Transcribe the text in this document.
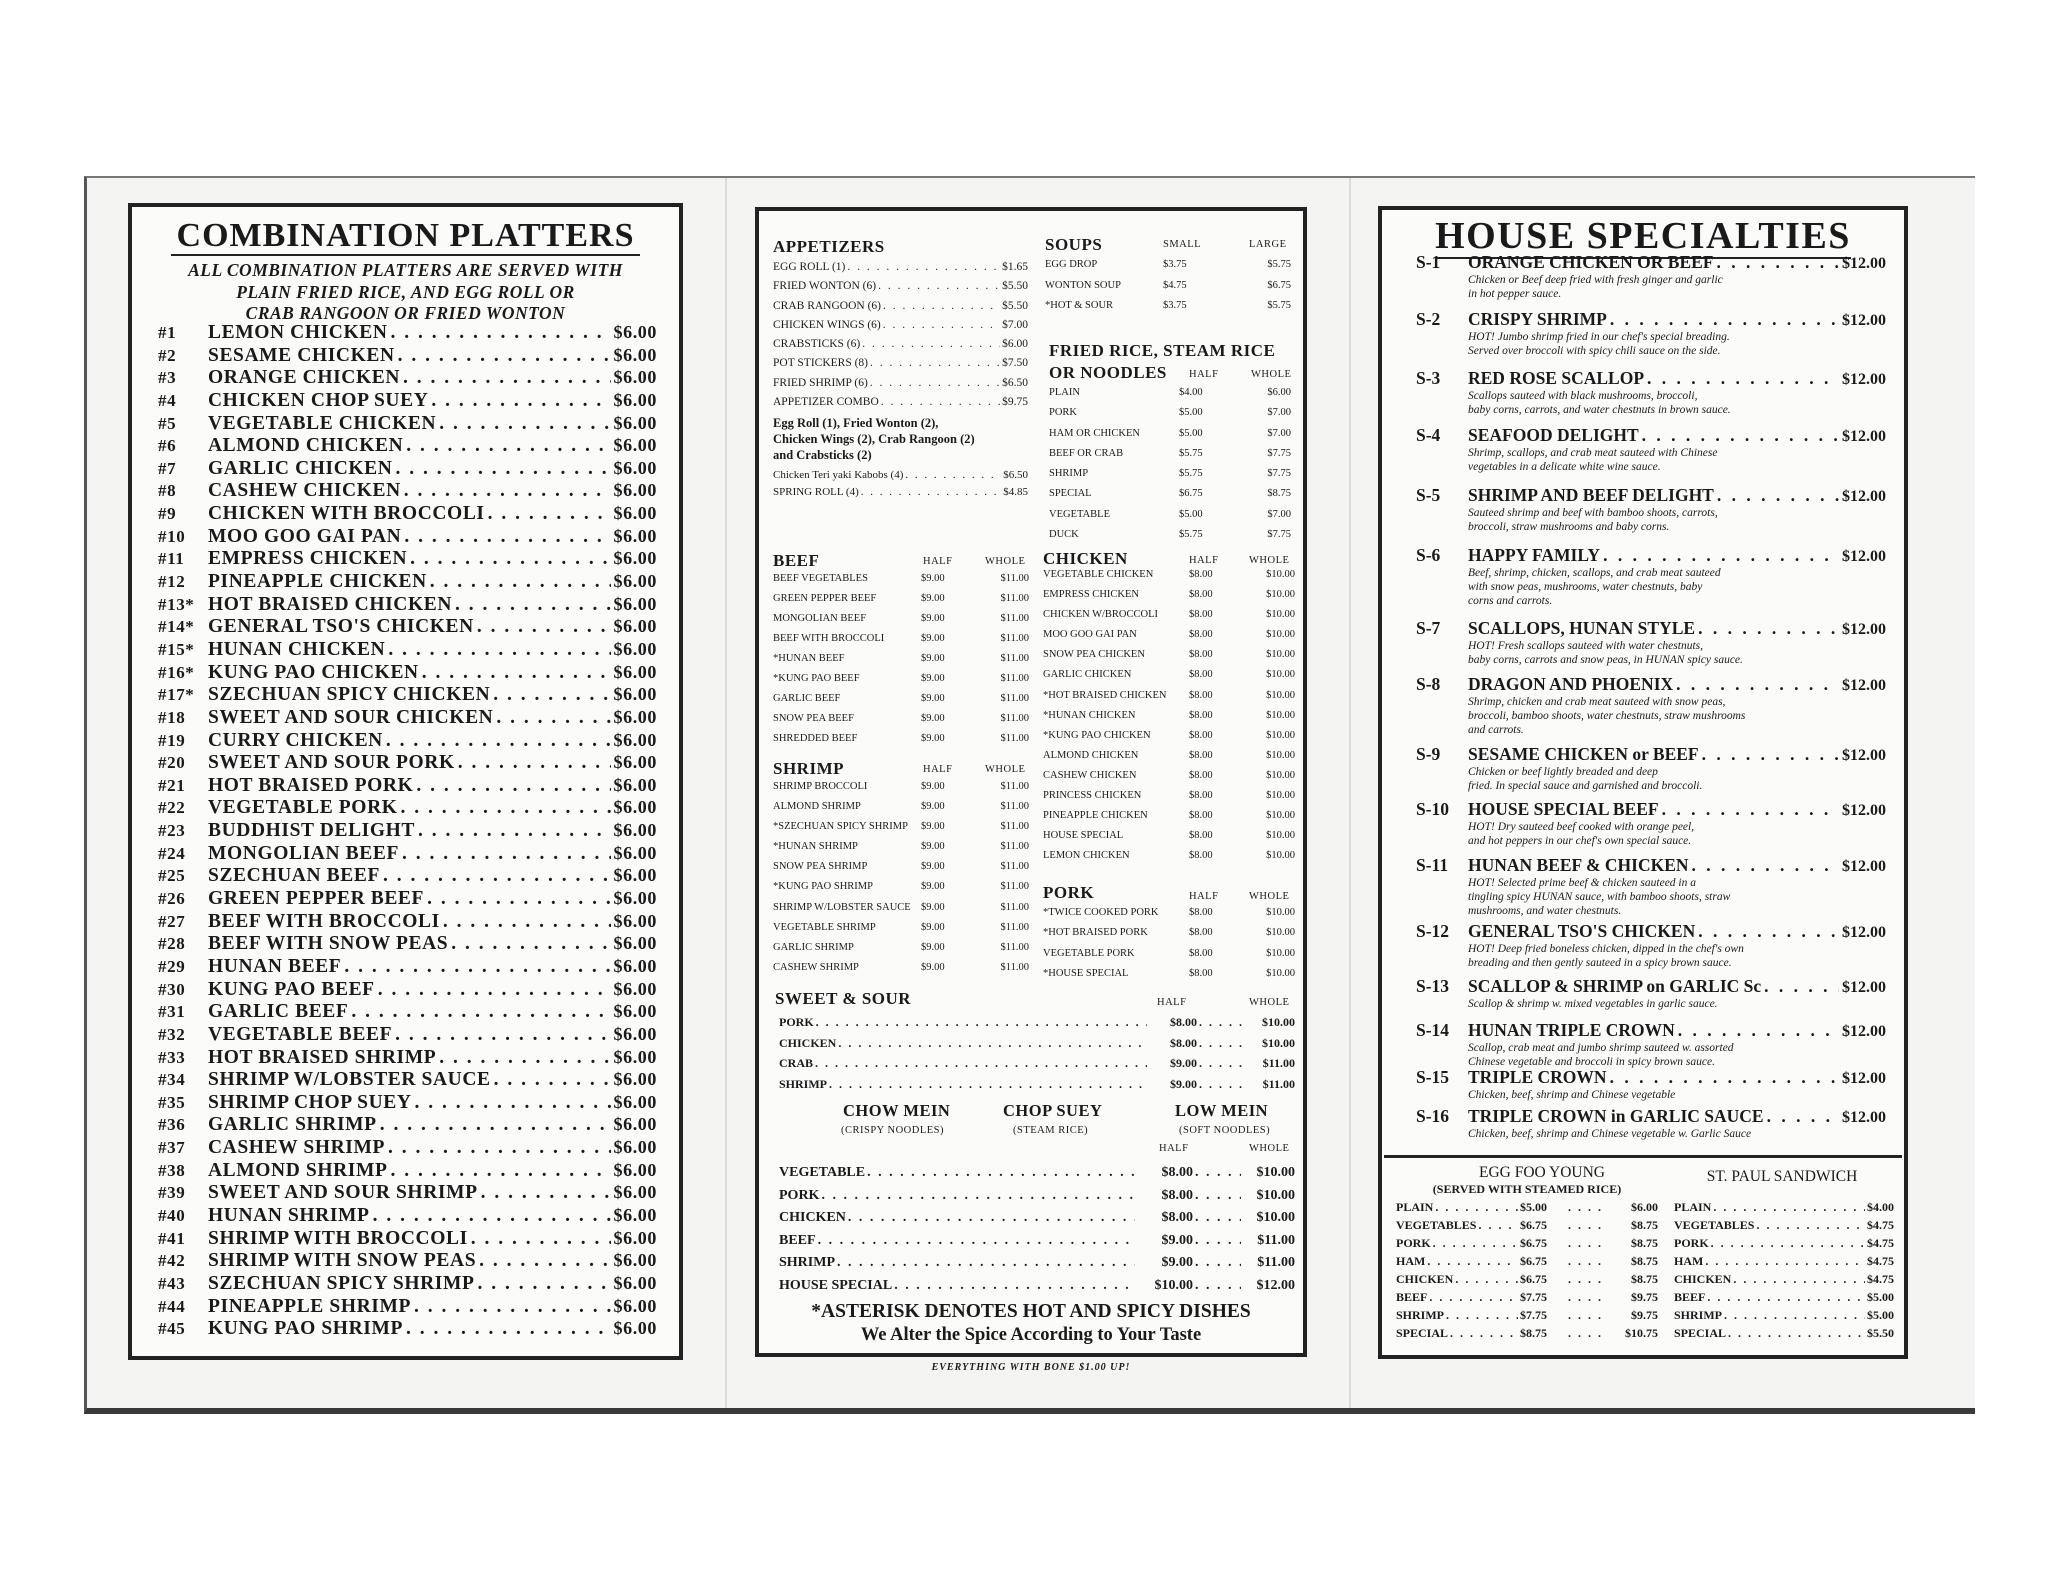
COMBINATION PLATTERS
ALL COMBINATION PLATTERS ARE SERVED WITH
PLAIN FRIED RICE, AND EGG ROLL OR
CRAB RANGOON OR FRIED WONTON
#1	LEMON CHICKEN . . .	$6.00
#2	SESAME CHICKEN . . .	$6.00
#3	ORANGE CHICKEN . . .	$6.00
#4	CHICKEN CHOP SUEY . . .	$6.00
#5	VEGETABLE CHICKEN . . .	$6.00
#6	ALMOND CHICKEN . . .	$6.00
#7	GARLIC CHICKEN . . .	$6.00
#8	CASHEW CHICKEN . . .	$6.00
#9	CHICKEN WITH BROCCOLI . . .	$6.00
#10	MOO GOO GAI PAN . . .	$6.00
#11	EMPRESS CHICKEN . . .	$6.00
#12	PINEAPPLE CHICKEN . . .	$6.00
#13* HOT BRAISED CHICKEN . . .	$6.00
#14* GENERAL TSO'S CHICKEN . . .	$6.00
#15* HUNAN CHICKEN . . .	$6.00
#16* KUNG PAO CHICKEN . . .	$6.00
#17* SZECHUAN SPICY CHICKEN . . .	$6.00
#18	SWEET AND SOUR CHICKEN . . .	$6.00
#19	CURRY CHICKEN . . .	$6.00
#20	SWEET AND SOUR PORK . . .	$6.00
#21	HOT BRAISED PORK . . .	$6.00
#22	VEGETABLE PORK . . .	$6.00
#23	BUDDHIST DELIGHT . . .	$6.00
#24	MONGOLIAN BEEF . . .	$6.00
#25	SZECHUAN BEEF . . .	$6.00
#26	GREEN PEPPER BEEF . . .	$6.00
#27	BEEF WITH BROCCOLI . . .	$6.00
#28	BEEF WITH SNOW PEAS . . .	$6.00
#29	HUNAN BEEF . . .	$6.00
#30	KUNG PAO BEEF . . .	$6.00
#31	GARLIC BEEF . . .	$6.00
#32	VEGETABLE BEEF . . .	$6.00
#33	HOT BRAISED SHRIMP . . .	$6.00
#34	SHRIMP W/LOBSTER SAUCE . . .	$6.00
#35	SHRIMP CHOP SUEY . . .	$6.00
#36	GARLIC SHRIMP . . .	$6.00
#37	CASHEW SHRIMP . . .	$6.00
#38	ALMOND SHRIMP . . .	$6.00
#39	SWEET AND SOUR SHRIMP . . .	$6.00
#40	HUNAN SHRIMP . . .	$6.00
#41	SHRIMP WITH BROCCOLI . . .	$6.00
#42	SHRIMP WITH SNOW PEAS . . .	$6.00
#43	SZECHUAN SPICY SHRIMP . . .	$6.00
#44	PINEAPPLE SHRIMP . . .	$6.00
#45	KUNG PAO SHRIMP . . .	$6.00
APPETIZERS
EGG ROLL (1) . . .	$1.65
FRIED WONTON (6) . . .	$5.50
CRAB RANGOON (6) . . .	$5.50
CHICKEN WINGS (6) . . .	$7.00
CRABSTICKS (6) . . .	$6.00
POT STICKERS (8) . . .	$7.50
FRIED SHRIMP (6) . . .	$6.50
APPETIZER COMBO . . .	$9.75
Egg Roll (1), Fried Wonton (2),
Chicken Wings (2), Crab Rangoon (2)
and Crabsticks (2)
Chicken Teri yaki Kabobs (4) . . .	$6.50
SPRING ROLL (4) . . .	$4.85
SOUPS	SMALL	LARGE
EGG DROP	$3.75	$5.75
WONTON SOUP	$4.75	$6.75
*HOT & SOUR	$3.75	$5.75
FRIED RICE, STEAM RICE
OR NOODLES HALF	WHOLE
PLAIN	$4.00	$6.00
PORK	$5.00	$7.00
HAM OR CHICKEN	$5.00	$7.00
BEEF OR CRAB	$5.75	$7.75
SHRIMP	$5.75	$7.75
SPECIAL	$6.75	$8.75
VEGETABLE	$5.00	$7.00
DUCK	$5.75	$7.75
BEEF	HALF	WHOLE
BEEF VEGETABLES	$9.00	$11.00
GREEN PEPPER BEEF	$9.00	$11.00
MONGOLIAN BEEF	$9.00	$11.00
BEEF WITH BROCCOLI	$9.00	$11.00
*HUNAN BEEF	$9.00	$11.00
*KUNG PAO BEEF	$9.00	$11.00
GARLIC BEEF	$9.00	$11.00
SNOW PEA BEEF	$9.00	$11.00
SHREDDED BEEF	$9.00	$11.00
SHRIMP	HALF	WHOLE
SHRIMP BROCCOLI	$9.00	$11.00
ALMOND SHRIMP	$9.00	$11.00
*SZECHUAN SPICY SHRIMP	$9.00	$11.00
*HUNAN SHRIMP	$9.00	$11.00
SNOW PEA SHRIMP	$9.00	$11.00
*KUNG PAO SHRIMP	$9.00	$11.00
SHRIMP W/LOBSTER SAUCE $9.00	$11.00
VEGETABLE SHRIMP	$9.00	$11.00
GARLIC SHRIMP	$9.00	$11.00
CASHEW SHRIMP	$9.00	$11.00
CHICKEN	HALF	WHOLE
VEGETABLE CHICKEN	$8.00	$10.00
EMPRESS CHICKEN	$8.00	$10.00
CHICKEN W/BROCCOLI	$8.00	$10.00
MOO GOO GAI PAN	$8.00	$10.00
SNOW PEA CHICKEN	$8.00	$10.00
GARLIC CHICKEN	$8.00	$10.00
*HOT BRAISED CHICKEN	$8.00	$10.00
*HUNAN CHICKEN	$8.00	$10.00
*KUNG PAO CHICKEN	$8.00	$10.00
ALMOND CHICKEN	$8.00	$10.00
CASHEW CHICKEN	$8.00	$10.00
PRINCESS CHICKEN	$8.00	$10.00
PINEAPPLE CHICKEN	$8.00	$10.00
HOUSE SPECIAL	$8.00	$10.00
LEMON CHICKEN	$8.00	$10.00
PORK	HALF	WHOLE
*TWICE COOKED PORK	$8.00	$10.00
*HOT BRAISED PORK	$8.00	$10.00
VEGETABLE PORK	$8.00	$10.00
*HOUSE SPECIAL	$8.00	$10.00
SWEET & SOUR	HALF	WHOLE
PORK . . .	$8.00 . . .	$10.00
CHICKEN . . .	$8.00 . . .	$10.00
CRAB . . .	$9.00 . . .	$11.00
SHRIMP . . .	$9.00 . . .	$11.00
CHOW MEIN
(CRISPY NOODLES)
CHOP SUEY
(STEAM RICE)
LOW MEIN
(SOFT NOODLES)
HALF	WHOLE
VEGETABLE . . .	$8.00 . . .	$10.00
PORK . . .	$8.00 . . .	$10.00
CHICKEN . . .	$8.00 . . .	$10.00
BEEF . . .	$9.00 . . .	$11.00
SHRIMP . . .	$9.00 . . .	$11.00
HOUSE SPECIAL . . .	$10.00 . . .	$12.00
*ASTERISK DENOTES HOT AND SPICY DISHES
We Alter the Spice According to Your Taste
EVERYTHING WITH BONE $1.00 UP!
HOUSE SPECIALTIES
S-1	ORANGE CHICKEN OR BEEF . . .	$12.00
Chicken or Beef deep fried with fresh ginger and garlic
in hot pepper sauce.
S-2	CRISPY SHRIMP . . .	$12.00
HOT! Jumbo shrimp fried in our chef's special breading.
Served over broccoli with spicy chili sauce on the side.
S-3	RED ROSE SCALLOP . . .	$12.00
Scallops sauteed with black mushrooms, broccoli,
baby corns, carrots, and water chestnuts in brown sauce.
S-4	SEAFOOD DELIGHT . . .	$12.00
Shrimp, scallops, and crab meat sauteed with Chinese
vegetables in a delicate white wine sauce.
S-5	SHRIMP AND BEEF DELIGHT . . .	$12.00
Sauteed shrimp and beef with bamboo shoots, carrots,
broccoli, straw mushrooms and baby corns.
S-6	HAPPY FAMILY . . .	$12.00
Beef, shrimp, chicken, scallops, and crab meat sauteed
with snow peas, mushrooms, water chestnuts, baby
corns and carrots.
S-7	SCALLOPS, HUNAN STYLE . . .	$12.00
HOT! Fresh scallops sauteed with water chestnuts,
baby corns, carrots and snow peas, in HUNAN spicy sauce.
S-8	DRAGON AND PHOENIX . . .	$12.00
Shrimp, chicken and crab meat sauteed with snow peas,
broccoli, bamboo shoots, water chestnuts, straw mushrooms
and carrots.
S-9	SESAME CHICKEN or BEEF . . .	$12.00
Chicken or beef lightly breaded and deep
fried. In special sauce and garnished and broccoli.
S-10	HOUSE SPECIAL BEEF . . .	$12.00
HOT! Dry sauteed beef cooked with orange peel,
and hot peppers in our chef's own special sauce.
S-11	HUNAN BEEF & CHICKEN . . .	$12.00
HOT! Selected prime beef & chicken sauteed in a
tingling spicy HUNAN sauce, with bamboo shoots, straw
mushrooms, and water chestnuts.
S-12	GENERAL TSO'S CHICKEN . . .	$12.00
HOT! Deep fried boneless chicken, dipped in the chef's own
breading and then gently sauteed in a spicy brown sauce.
S-13	SCALLOP & SHRIMP on GARLIC Sc . . .	$12.00
Scallop & shrimp w. mixed vegetables in garlic sauce.
S-14	HUNAN TRIPLE CROWN . . .	$12.00
Scallop, crab meat and jumbo shrimp sauteed w. assorted
Chinese vegetable and broccoli in spicy brown sauce.
S-15	TRIPLE CROWN . . .	$12.00
Chicken, beef, shrimp and Chinese vegetable
S-16	TRIPLE CROWN in GARLIC SAUCE . . .	$12.00
Chicken, beef, shrimp and Chinese vegetable w. Garlic Sauce
EGG FOO YOUNG
(SERVED WITH STEAMED RICE)
ST. PAUL SANDWICH
PLAIN . . .	$5.00 . . .	$6.00
VEGETABLES . . .	$6.75 . . .	$8.75
PORK . . .	$6.75 . . .	$8.75
HAM . . .	$6.75 . . .	$8.75
CHICKEN . . .	$6.75 . . .	$8.75
BEEF . . .	$7.75 . . .	$9.75
SHRIMP . . .	$7.75 . . .	$9.75
SPECIAL . . .	$8.75 . . .	$10.75
PLAIN . . .	$4.00
VEGETABLES . . .	$4.75
PORK . . .	$4.75
HAM . . .	$4.75
CHICKEN . . .	$4.75
BEEF . . .	$5.00
SHRIMP . . .	$5.00
SPECIAL . . .	$5.50
